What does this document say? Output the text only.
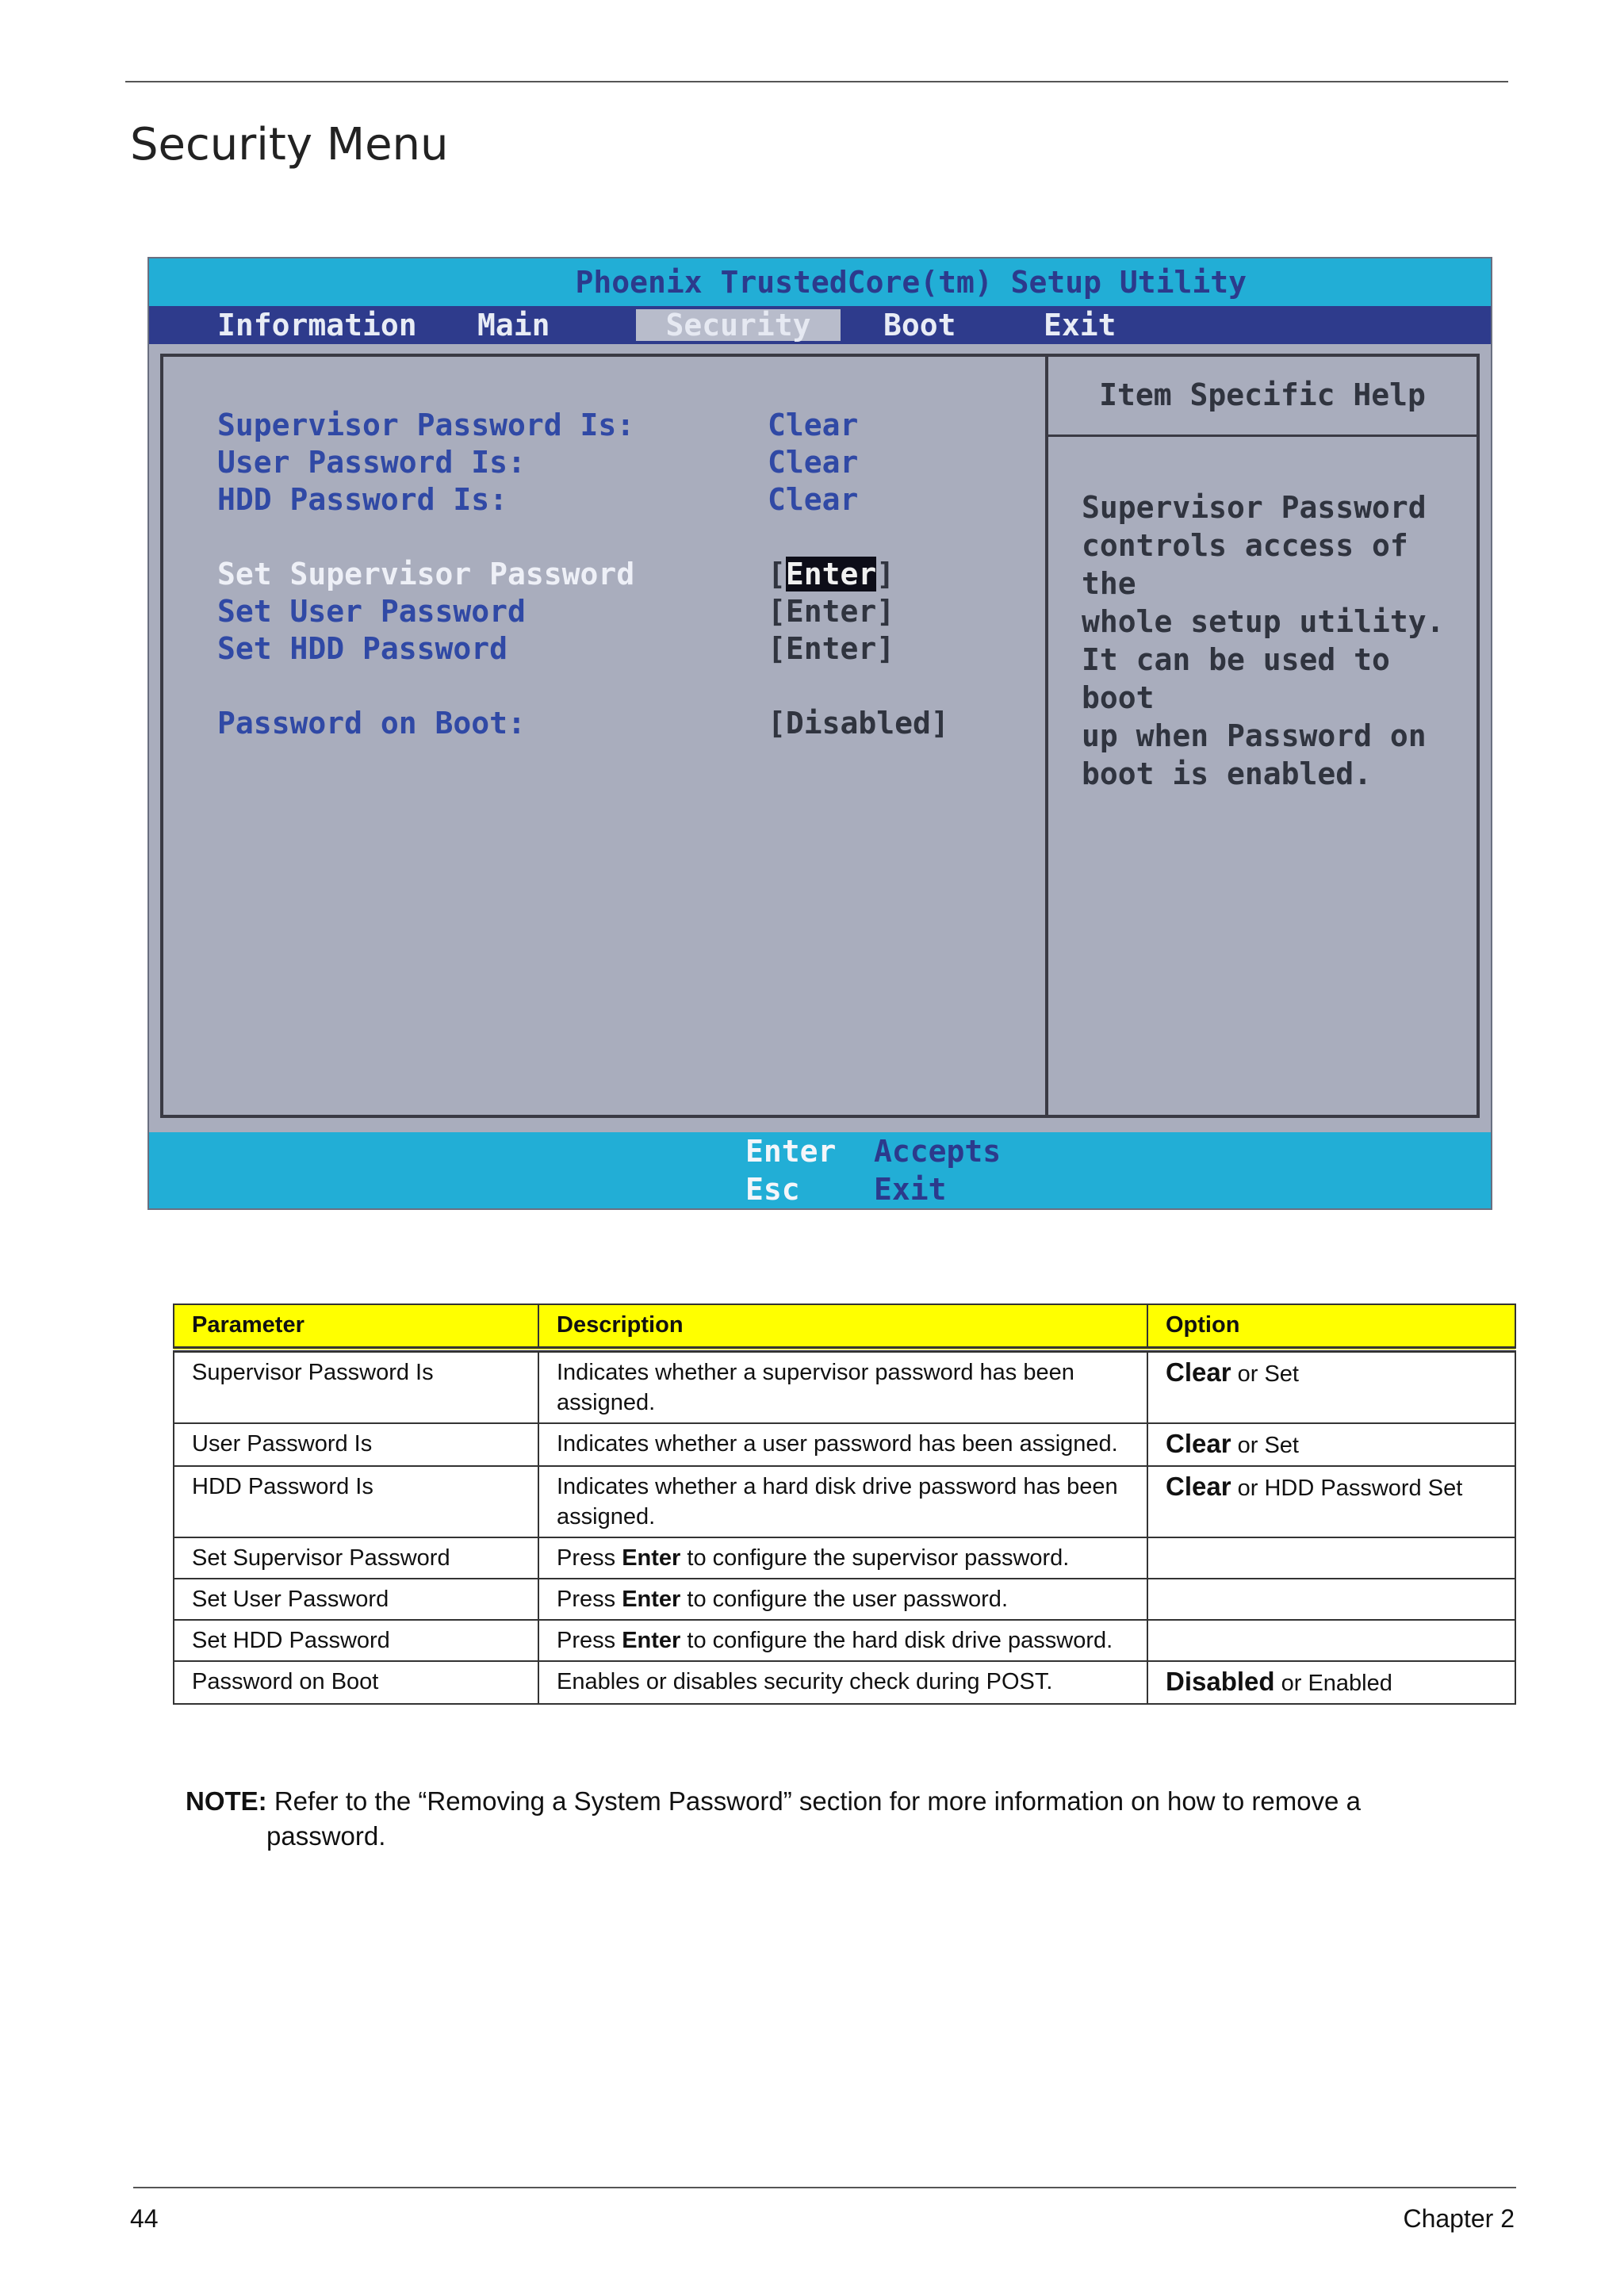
Security Menu
Phoenix TrustedCore(tm) Setup Utility
Information Main	Security	Boot	Exit
Item Specific Help
Supervisor Password
controls access of the
whole setup utility.
It can be used to boot
up when Password on
boot is enabled.
Supervisor Password Is:	Clear
User Password Is:	Clear
HDD Password Is:	Clear
Set Supervisor Password	[Enter]
Set User Password	[Enter]
Set HDD Password	[Enter]
Password on Boot:	[Disabled]
Enter Accepts
Esc Exit
Parameter	Description	Option
Supervisor Password Is	Indicates whether a supervisor password has been assigned.	Clear or Set
User Password Is	Indicates whether a user password has been assigned.	Clear or Set
HDD Password Is	Indicates whether a hard disk drive password has been assigned.	Clear or HDD Password Set
Set Supervisor Password	Press Enter to configure the supervisor password.	
Set User Password	Press Enter to configure the user password.	
Set HDD Password	Press Enter to configure the hard disk drive password.	
Password on Boot	Enables or disables security check during POST.	Disabled or Enabled
NOTE: Refer to the “Removing a System Password” section for more information on how to remove a
password.
44	Chapter 2
